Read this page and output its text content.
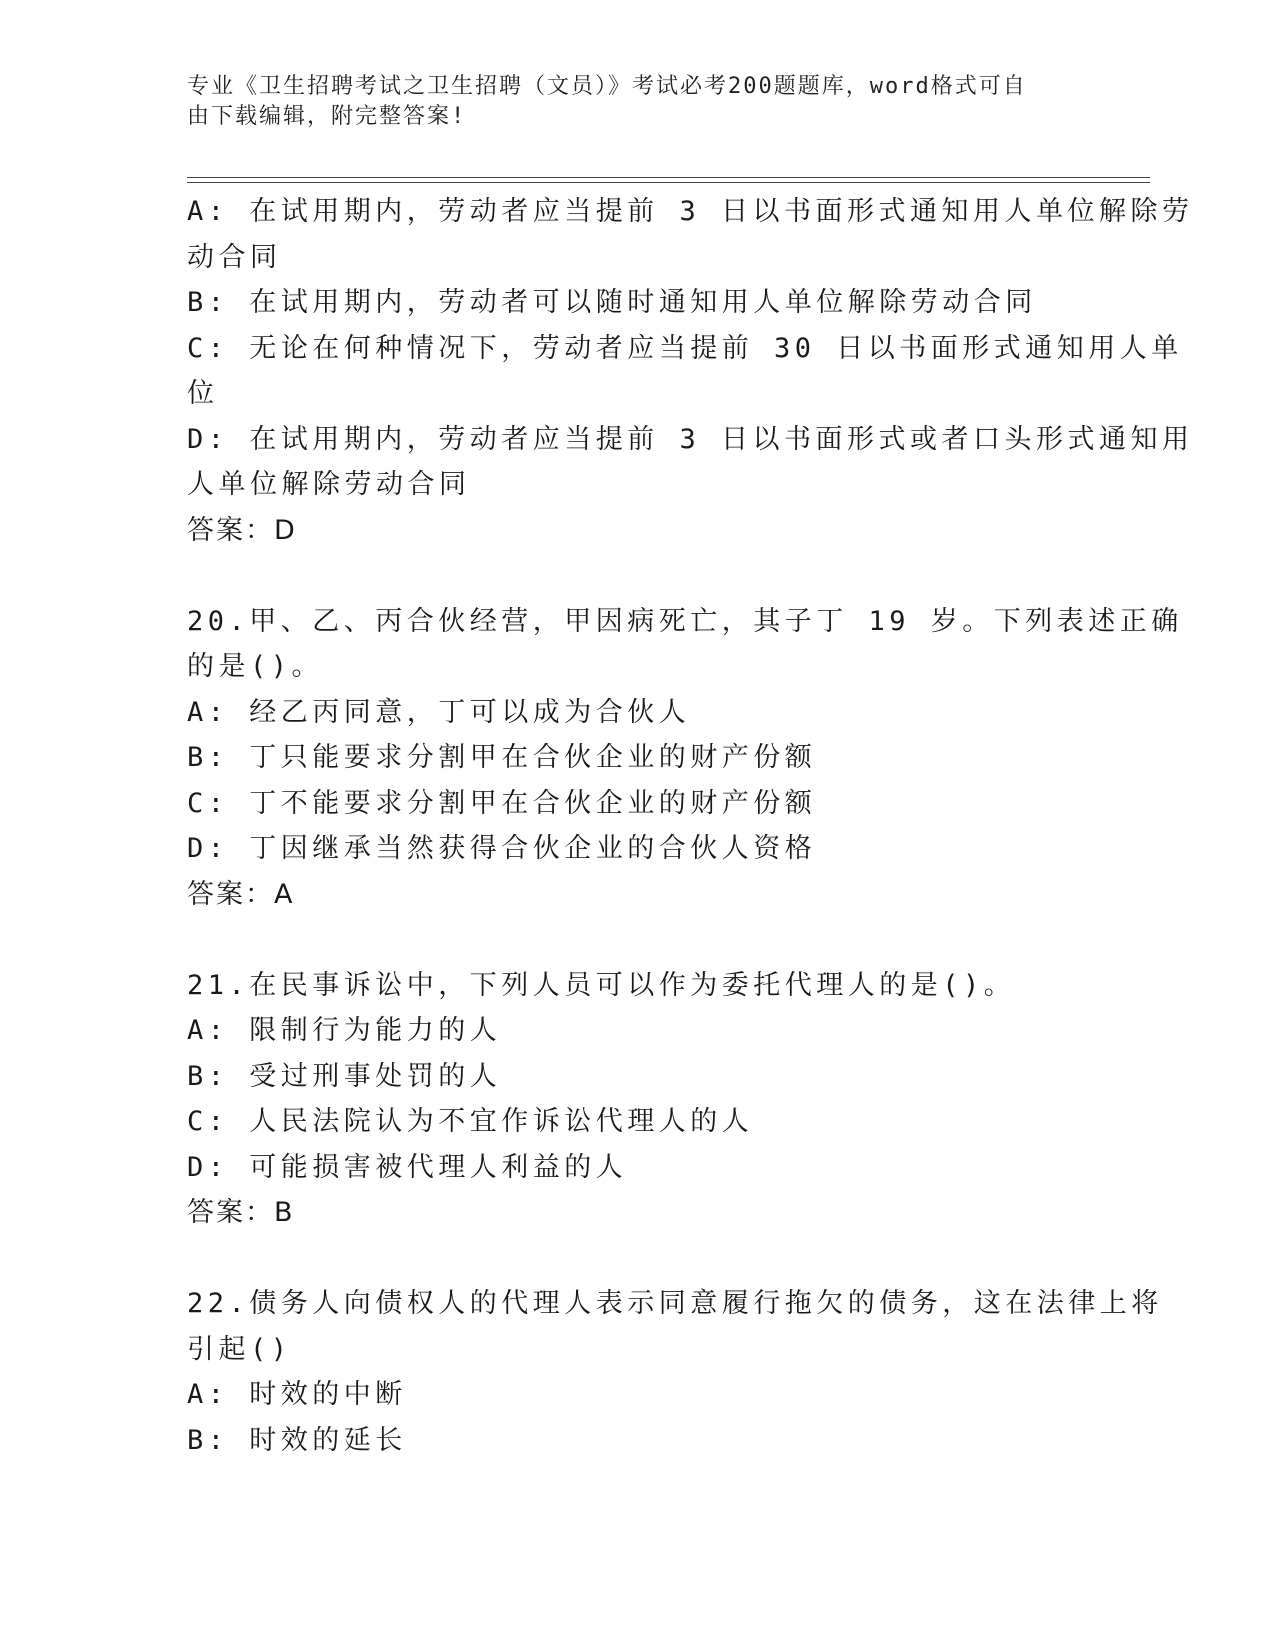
专业《卫生招聘考试之卫生招聘（文员）》考试必考200题题库，word格式可自
由下载编辑，附完整答案!
A: 在试用期内，劳动者应当提前 3 日以书面形式通知用人单位解除劳
动合同
B: 在试用期内，劳动者可以随时通知用人单位解除劳动合同
C: 无论在何种情况下，劳动者应当提前 30 日以书面形式通知用人单
位
D: 在试用期内，劳动者应当提前 3 日以书面形式或者口头形式通知用
人单位解除劳动合同
答案：D
20.甲、乙、丙合伙经营，甲因病死亡，其子丁 19 岁。下列表述正确
的是()。
A: 经乙丙同意，丁可以成为合伙人
B: 丁只能要求分割甲在合伙企业的财产份额
C: 丁不能要求分割甲在合伙企业的财产份额
D: 丁因继承当然获得合伙企业的合伙人资格
答案：A
21.在民事诉讼中，下列人员可以作为委托代理人的是()。
A: 限制行为能力的人
B: 受过刑事处罚的人
C: 人民法院认为不宜作诉讼代理人的人
D: 可能损害被代理人利益的人
答案：B
22.债务人向债权人的代理人表示同意履行拖欠的债务，这在法律上将
引起()
A: 时效的中断
B: 时效的延长
